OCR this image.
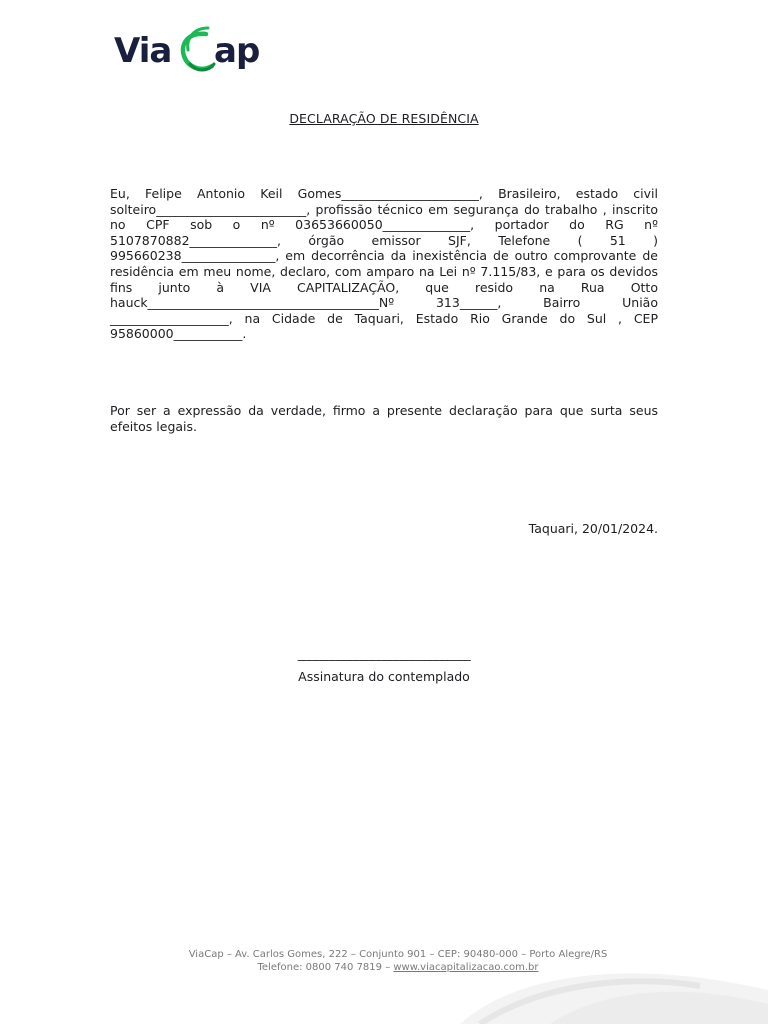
Via ap
DECLARAÇÃO DE RESIDÊNCIA

Eu, Felipe Antonio Keil Gomes______________________, Brasileiro, estado civil solteiro________________________, profissão técnico em segurança do trabalho , inscrito no CPF sob o nº 03653660050______________, portador do RG nº 5107870882______________, órgão emissor SJF, Telefone ( 51 ) 995660238_______________, em decorrência da inexistência de outro comprovante de residência em meu nome, declaro, com amparo na Lei nº 7.115/83, e para os devidos fins junto à VIA CAPITALIZAÇÃO, que resido na Rua Otto hauck_____________________________________Nº 313______, Bairro União ___________________, na Cidade de Taquari, Estado Rio Grande do Sul , CEP 95860000___________.

Por ser a expressão da verdade, firmo a presente declaração para que surta seus efeitos legais.

Taquari, 20/01/2024.
______________________________
Assinatura do contemplado
ViaCap – Av. Carlos Gomes, 222 – Conjunto 901 – CEP: 90480-000 – Porto Alegre/RS
Telefone: 0800 740 7819 – www.viacapitalizacao.com.br
